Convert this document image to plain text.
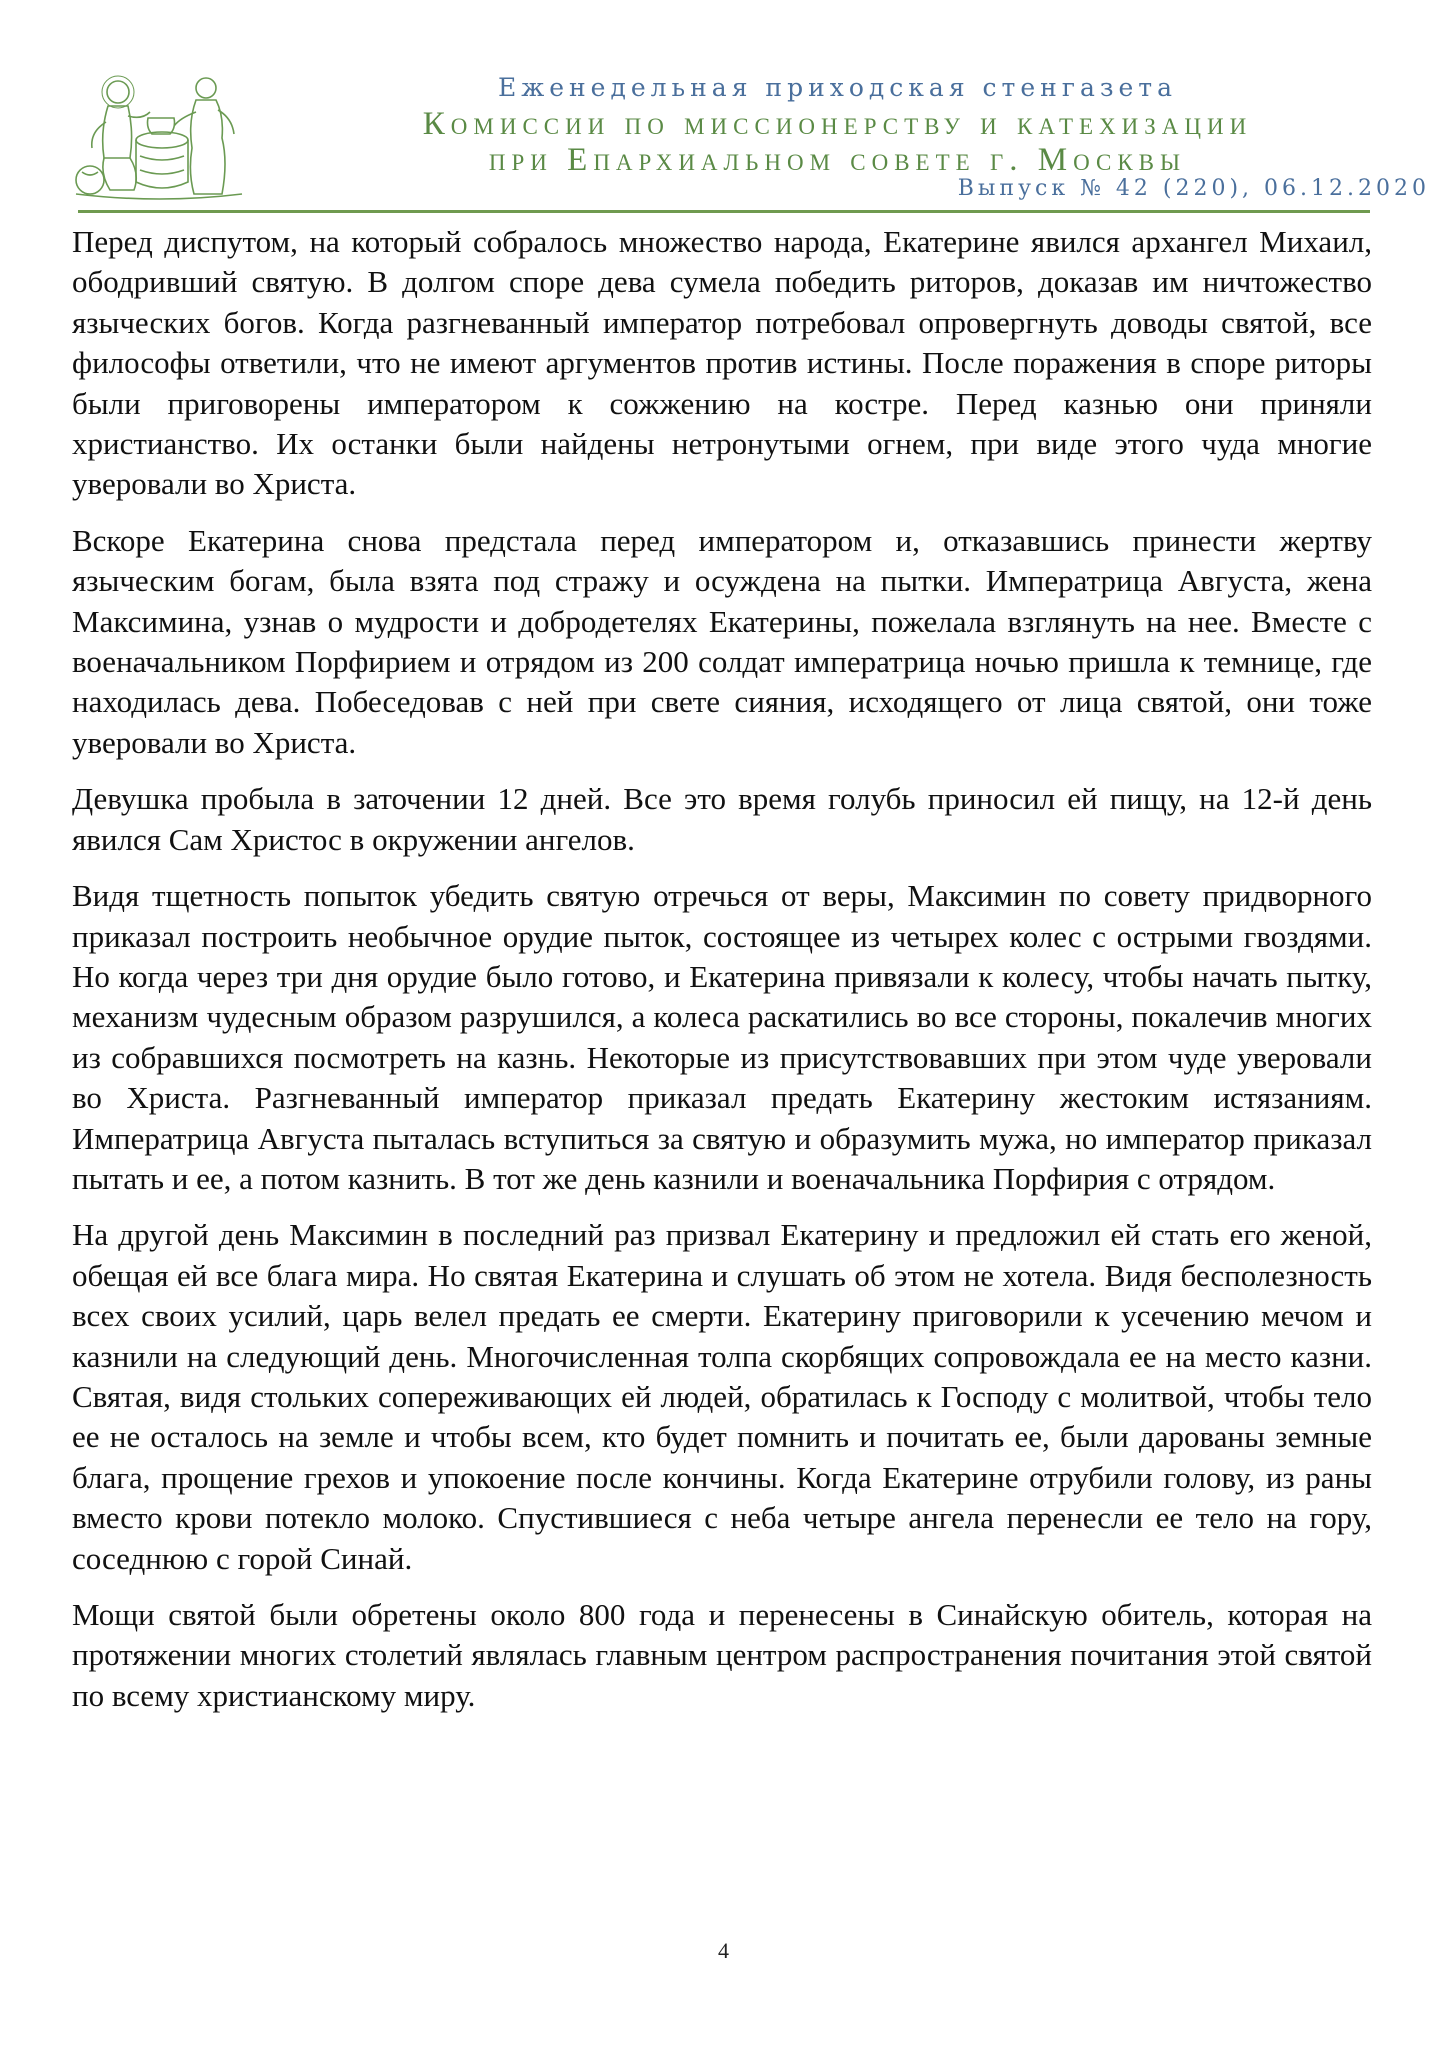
Еженедельная приходская стенгазета
Комиссии по миссионерству и катехизации
при Епархиальном совете г. Москвы
Выпуск № 42 (220), 06.12.2020

Перед диспутом, на который собралось множество народа, Екатерине явился архангел Михаил, ободривший святую. В долгом споре дева сумела победить риторов, доказав им ничтожество языческих богов. Когда разгневанный император потребовал опровергнуть доводы святой, все философы ответили, что не имеют аргументов против истины. После поражения в споре риторы были приговорены императором к сожжению на костре. Перед казнью они приняли христианство. Их останки были найдены нетронутыми огнем, при виде этого чуда многие уверовали во Христа.

Вскоре Екатерина снова предстала перед императором и, отказавшись принести жертву языческим богам, была взята под стражу и осуждена на пытки. Императрица Августа, жена Максимина, узнав о мудрости и добродетелях Екатерины, пожелала взглянуть на нее. Вместе с военачальником Порфирием и отрядом из 200 солдат императрица ночью пришла к темнице, где находилась дева. Побеседовав с ней при свете сияния, исходящего от лица святой, они тоже уверовали во Христа.

Девушка пробыла в заточении 12 дней. Все это время голубь приносил ей пищу, на 12-й день явился Сам Христос в окружении ангелов.

Видя тщетность попыток убедить святую отречься от веры, Максимин по совету придворного приказал построить необычное орудие пыток, состоящее из четырех колес с острыми гвоздями. Но когда через три дня орудие было готово, и Екатерина привязали к колесу, чтобы начать пытку, механизм чудесным образом разрушился, а колеса раскатились во все стороны, покалечив многих из собравшихся посмотреть на казнь. Некоторые из присутствовавших при этом чуде уверовали во Христа. Разгневанный император приказал предать Екатерину жестоким истязаниям. Императрица Августа пыталась вступиться за святую и образумить мужа, но император приказал пытать и ее, а потом казнить. В тот же день казнили и военачальника Порфирия с отрядом.

На другой день Максимин в последний раз призвал Екатерину и предложил ей стать его женой, обещая ей все блага мира. Но святая Екатерина и слушать об этом не хотела. Видя бесполезность всех своих усилий, царь велел предать ее смерти. Екатерину приговорили к усечению мечом и казнили на следующий день. Многочисленная толпа скорбящих сопровождала ее на место казни. Святая, видя стольких сопереживающих ей людей, обратилась к Господу с молитвой, чтобы тело ее не осталось на земле и чтобы всем, кто будет помнить и почитать ее, были дарованы земные блага, прощение грехов и упокоение после кончины. Когда Екатерине отрубили голову, из раны вместо крови потекло молоко. Спустившиеся с неба четыре ангела перенесли ее тело на гору, соседнюю с горой Синай.

Мощи святой были обретены около 800 года и перенесены в Синайскую обитель, которая на протяжении многих столетий являлась главным центром распространения почитания этой святой по всему христианскому миру.

4
